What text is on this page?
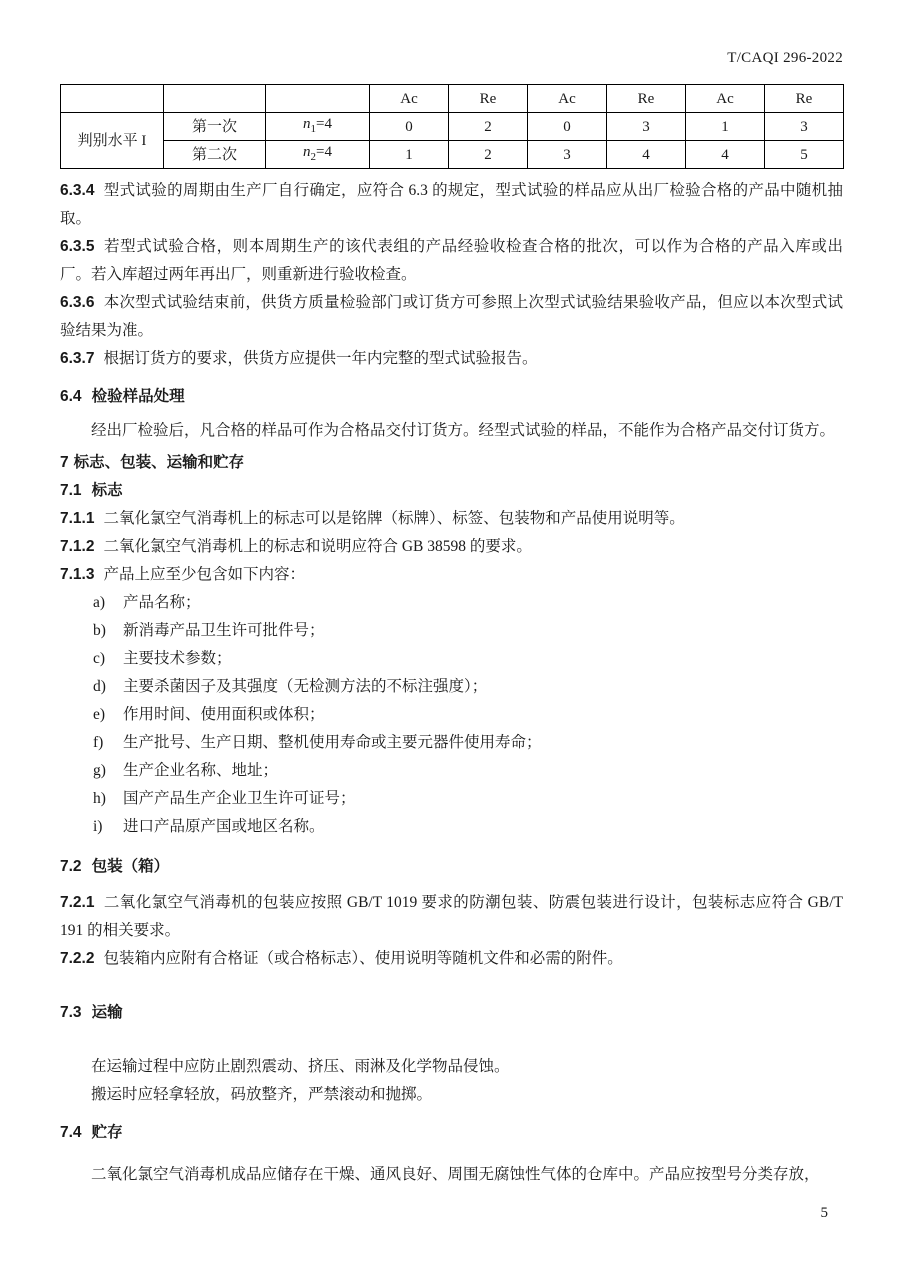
T/CAQI 296-2022

			Ac	Re	Ac	Re	Ac	Re
判别水平 I	第一次	$n_1=4$	0	2	0	3	1	3
	第二次	$n_2=4$	1	2	3	4	4	5

6.3.4 型式试验的周期由生产厂自行确定，应符合 6.3 的规定，型式试验的样品应从出厂检验合格的产品中随机抽取。

6.3.5 若型式试验合格，则本周期生产的该代表组的产品经验收检查合格的批次，可以作为合格的产品入库或出厂。若入库超过两年再出厂，则重新进行验收检查。

6.3.6 本次型式试验结束前，供货方质量检验部门或订货方可参照上次型式试验结果验收产品，但应以本次型式试验结果为准。

6.3.7 根据订货方的要求，供货方应提供一年内完整的型式试验报告。

6.4 检验样品处理

经出厂检验后，凡合格的样品可作为合格品交付订货方。经型式试验的样品，不能作为合格产品交付订货方。

7 标志、包装、运输和贮存
7.1 标志

7.1.1 二氧化氯空气消毒机上的标志可以是铭牌（标牌）、标签、包装物和产品使用说明等。

7.1.2 二氧化氯空气消毒机上的标志和说明应符合 GB 38598 的要求。

7.1.3 产品上应至少包含如下内容：

a) 产品名称；

b) 新消毒产品卫生许可批件号；

c) 主要技术参数；

d) 主要杀菌因子及其强度（无检测方法的不标注强度）；

e) 作用时间、使用面积或体积；

f) 生产批号、生产日期、整机使用寿命或主要元器件使用寿命；

g) 生产企业名称、地址；

h) 国产产品生产企业卫生许可证号；

i) 进口产品原产国或地区名称。

7.2 包装（箱）

7.2.1 二氧化氯空气消毒机的包装应按照 GB/T 1019 要求的防潮包装、防震包装进行设计，包装标志应符合 GB/T 191 的相关要求。

7.2.2 包装箱内应附有合格证（或合格标志）、使用说明等随机文件和必需的附件。

7.3 运输

在运输过程中应防止剧烈震动、挤压、雨淋及化学物品侵蚀。

搬运时应轻拿轻放，码放整齐，严禁滚动和抛掷。

7.4 贮存

二氧化氯空气消毒机成品应储存在干燥、通风良好、周围无腐蚀性气体的仓库中。产品应按型号分类存放，

5
